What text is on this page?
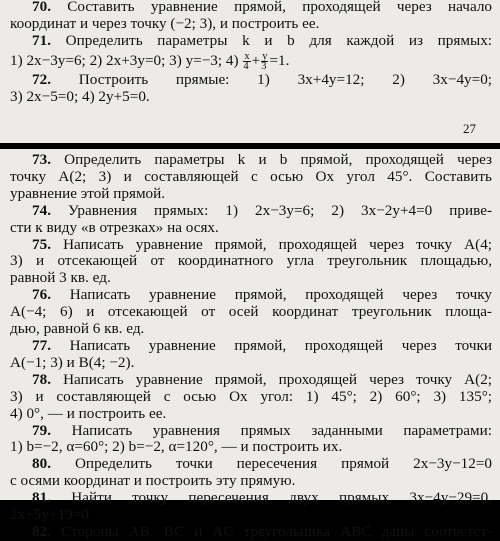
70. Составить уравнение прямой, проходящей через начало
координат и через точку (−2; 3), и построить ее.
71. Определить параметры k и b для каждой из прямых:
1) 2x−3y=6; 2) 2x+3y=0; 3) y=−3; $4) \frac{x}{4} + \frac{y}{3} =1$.
72. Построить прямые: 1) 3x+4y=12; 2) 3x−4y=0;
3) 2x−5=0; 4) 2y+5=0.
27
73. Определить параметры k и b прямой, проходящей через
точку A(2; 3) и составляющей с осью Ox угол 45°. Составить
уравнение этой прямой.
74. Уравнения прямых: 1) 2x−3y=6; 2) 3x−2y+4=0 приве-
сти к виду «в отрезках» на осях.
75. Написать уравнение прямой, проходящей через точку A(4;
3) и отсекающей от координатного угла треугольник площадью,
равной 3 кв. ед.
76. Написать уравнение прямой, проходящей через точку
A(−4; 6) и отсекающей от осей координат треугольник площа-
дью, равной 6 кв. ед.
77. Написать уравнение прямой, проходящей через точки
A(−1; 3) и B(4; −2).
78. Написать уравнение прямой, проходящей через точку A(2;
3) и составляющей с осью Ox угол: 1) 45°; 2) 60°; 3) 135°;
4) 0°, — и построить ее.
79. Написать уравнения прямых заданными параметрами:
1) b=−2, α=60°; 2) b=−2, α=120°, — и построить их.
80. Определить точки пересечения прямой 2x−3y−12=0
с осями координат и построить эту прямую.
81. Найти точку пересечения двух прямых 3x−4y−29=0,
2x+5y+19=0.
82. Стороны AB, BC и AC треугольника ABC даны соответст-
